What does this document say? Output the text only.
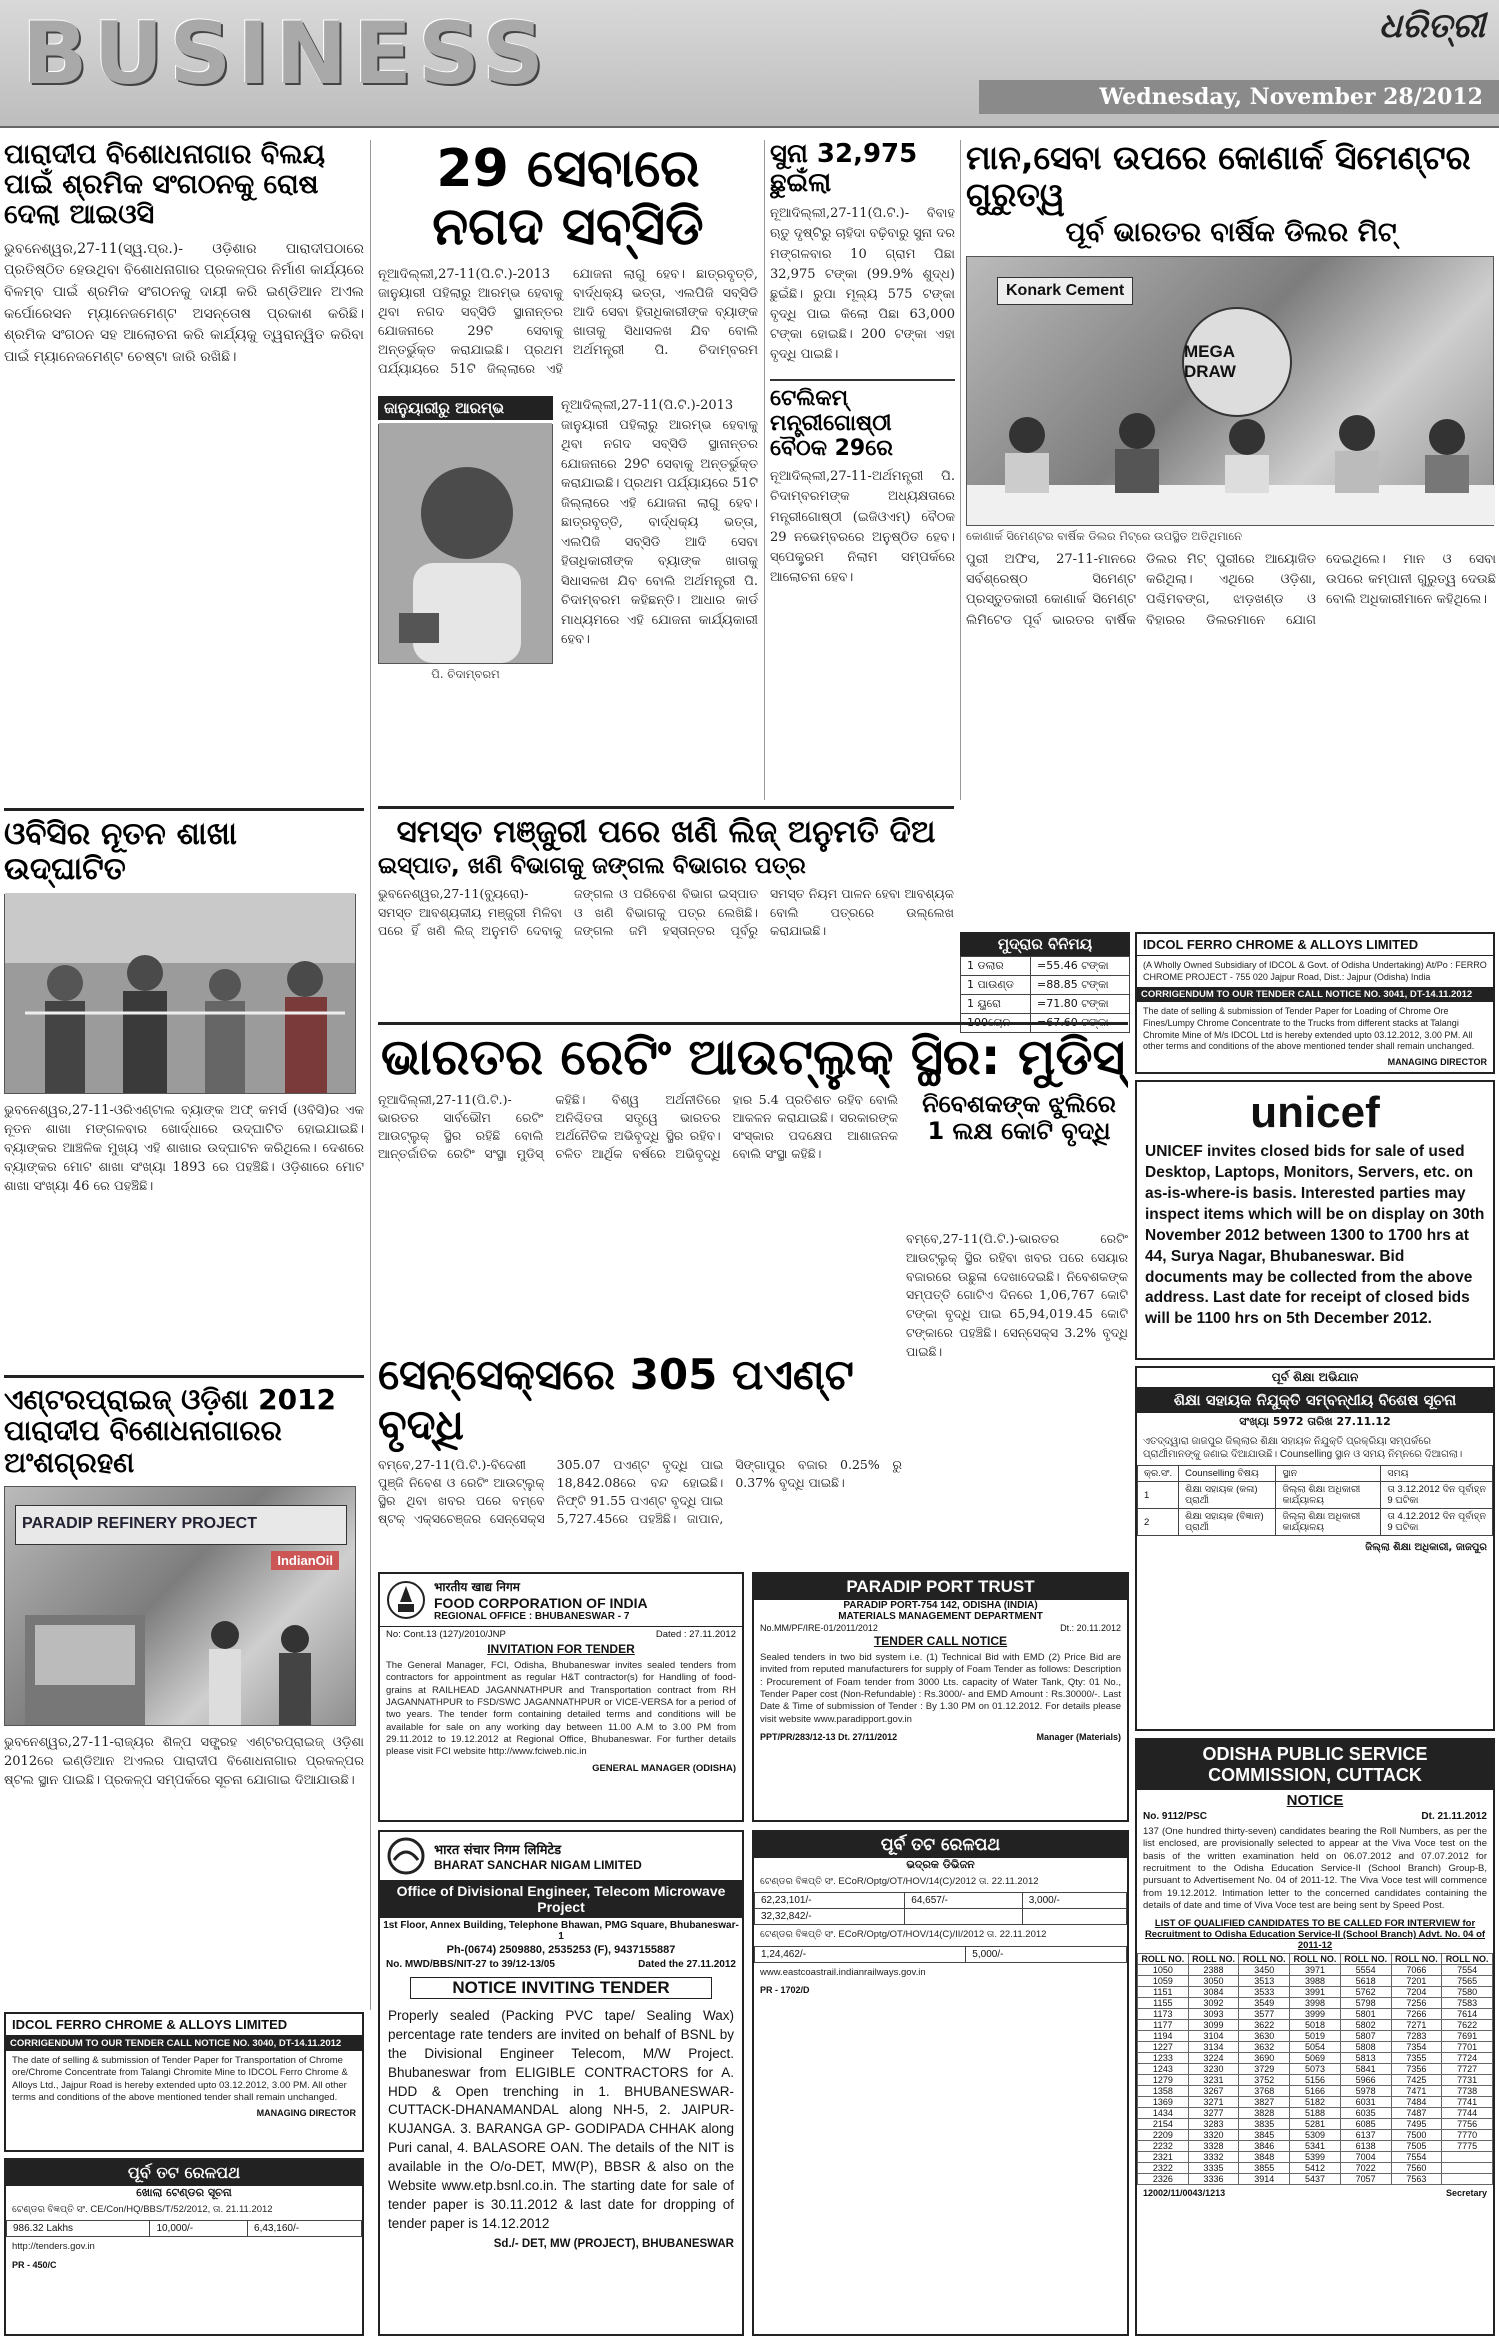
BUSINESS	ଧରିତ୍ରୀ
Wednesday, November 28/2012
ପାରାଦୀପ ବିଶୋଧନାଗାର ବିଲୟ ପାଇଁ ଶ୍ରମିକ ସଂଗଠନକୁ ରୋଷ ଦେଲା ଆଇଓସି
ଭୁବନେଶ୍ୱର,27-11(ସ୍ୱ.ପ୍ର.)- ଓଡ଼ିଶାର ପାରାଦୀପଠାରେ ପ୍ରତିଷ୍ଠିତ ହେଉଥିବା ବିଶୋଧନାଗାର ପ୍ରକଳ୍ପର ନିର୍ମାଣ କାର୍ଯ୍ୟରେ ବିଳମ୍ବ ପାଇଁ ଶ୍ରମିକ ସଂଗଠନକୁ ଦାୟୀ କରି ଇଣ୍ଡିଆନ ଅଏଲ କର୍ପୋରେସନ ମ୍ୟାନେଜମେଣ୍ଟ ଅସନ୍ତୋଷ ପ୍ରକାଶ କରିଛି। ଶ୍ରମିକ ସଂଗଠନ ସହ ଆଲୋଚନା କରି କାର୍ଯ୍ୟକୁ ତ୍ୱରାନ୍ୱିତ କରିବା ପାଇଁ ମ୍ୟାନେଜମେଣ୍ଟ ଚେଷ୍ଟା ଜାରି ରଖିଛି।
ଓବିସିର ନୂତନ ଶାଖା ଉଦ୍‌ଘାଟିତ
ଭୁବନେଶ୍ୱର,27-11-ଓରିଏଣ୍ଟାଲ ବ୍ୟାଙ୍କ ଅଫ୍ କମର୍ସ (ଓବିସି)ର ଏକ ନୂତନ ଶାଖା ମଙ୍ଗଳବାର ଖୋର୍ଦ୍ଧାରେ ଉଦ୍‌ଘାଟିତ ହୋଇଯାଇଛି। ବ୍ୟାଙ୍କର ଆଞ୍ଚଳିକ ମୁଖ୍ୟ ଏହି ଶାଖାର ଉଦ୍‌ଘାଟନ କରିଥିଲେ। ଦେଶରେ ବ୍ୟାଙ୍କର ମୋଟ ଶାଖା ସଂଖ୍ୟା 1893 ରେ ପହଞ୍ଚିଛି। ଓଡ଼ିଶାରେ ମୋଟ ଶାଖା ସଂଖ୍ୟା 46 ରେ ପହଞ୍ଚିଛି।
ଏଣ୍ଟରପ୍ରାଇଜ୍ ଓଡ଼ିଶା 2012 ପାରାଦୀପ ବିଶୋଧନାଗାରର ଅଂଶଗ୍ରହଣ
PARADIP REFINERY PROJECT
IndianOil
ଭୁବନେଶ୍ୱର,27-11-ରାଜ୍ୟର ଶିଳ୍ପ ସଙ୍ଗ୍ରହ ଏଣ୍ଟରପ୍ରାଇଜ୍ ଓଡ଼ିଶା 2012ରେ ଇଣ୍ଡିଆନ ଅଏଲର ପାରାଦୀପ ବିଶୋଧନାଗାର ପ୍ରକଳ୍ପର ଷ୍ଟଲ ସ୍ଥାନ ପାଇଛି। ପ୍ରକଳ୍ପ ସମ୍ପର୍କରେ ସୂଚନା ଯୋଗାଇ ଦିଆଯାଉଛି।
29 ସେବାରେ ନଗଦ ସବ୍‌ସିଡି
ନୂଆଦିଲ୍ଲୀ,27-11(ପି.ଟି.)-2013 ଜାନୁୟାରୀ ପହିଲାରୁ ଆରମ୍ଭ ହେବାକୁ ଥିବା ନଗଦ ସବ୍‌ସିଡି ସ୍ଥାନାନ୍ତର ଯୋଜନାରେ 29ଟି ସେବାକୁ ଅନ୍ତର୍ଭୁକ୍ତ କରାଯାଇଛି। ପ୍ରଥମ ପର୍ଯ୍ୟାୟରେ 51ଟି ଜିଲ୍ଲାରେ ଏହି ଯୋଜନା ଲାଗୁ ହେବ। ଛାତ୍ରବୃତ୍ତି, ବାର୍ଦ୍ଧକ୍ୟ ଭତ୍ତା, ଏଲପିଜି ସବ୍‌ସିଡି ଆଦି ସେବା ହିତାଧିକାରୀଙ୍କ ବ୍ୟାଙ୍କ ଖାତାକୁ ସିଧାସଳଖ ଯିବ ବୋଲି ଅର୍ଥମନ୍ତ୍ରୀ ପି. ଚିଦାମ୍ବରମ
ଜାନୁୟାରୀରୁ ଆରମ୍ଭ
ପି. ଚିଦାମ୍ବରମ
ନୂଆଦିଲ୍ଲୀ,27-11(ପି.ଟି.)-2013 ଜାନୁୟାରୀ ପହିଲାରୁ ଆରମ୍ଭ ହେବାକୁ ଥିବା ନଗଦ ସବ୍‌ସିଡି ସ୍ଥାନାନ୍ତର ଯୋଜନାରେ 29ଟି ସେବାକୁ ଅନ୍ତର୍ଭୁକ୍ତ କରାଯାଇଛି। ପ୍ରଥମ ପର୍ଯ୍ୟାୟରେ 51ଟି ଜିଲ୍ଲାରେ ଏହି ଯୋଜନା ଲାଗୁ ହେବ। ଛାତ୍ରବୃତ୍ତି, ବାର୍ଦ୍ଧକ୍ୟ ଭତ୍ତା, ଏଲପିଜି ସବ୍‌ସିଡି ଆଦି ସେବା ହିତାଧିକାରୀଙ୍କ ବ୍ୟାଙ୍କ ଖାତାକୁ ସିଧାସଳଖ ଯିବ ବୋଲି ଅର୍ଥମନ୍ତ୍ରୀ ପି. ଚିଦାମ୍ବରମ କହିଛନ୍ତି। ଆଧାର କାର୍ଡ ମାଧ୍ୟମରେ ଏହି ଯୋଜନା କାର୍ଯ୍ୟକାରୀ ହେବ।
ସୁନା 32,975 ଛୁଇଁଲା
ନୂଆଦିଲ୍ଲୀ,27-11(ପି.ଟି.)- ବିବାହ ଋତୁ ଦୃଷ୍ଟିରୁ ଚାହିଦା ବଢ଼ିବାରୁ ସୁନା ଦର ମଙ୍ଗଳବାର 10 ଗ୍ରାମ ପିଛା 32,975 ଟଙ୍କା (99.9% ଶୁଦ୍ଧ) ଛୁଇଁଛି। ରୁପା ମୂଲ୍ୟ 575 ଟଙ୍କା ବୃଦ୍ଧି ପାଇ କିଲୋ ପିଛା 63,000 ଟଙ୍କା ହୋଇଛି। 200 ଟଙ୍କା ଏହା ବୃଦ୍ଧି ପାଇଛି।
ଟେଲିକମ୍ ମନ୍ତ୍ରୀଗୋଷ୍ଠୀ ବୈଠକ 29ରେ
ନୂଆଦିଲ୍ଲୀ,27-11-ଅର୍ଥମନ୍ତ୍ରୀ ପି. ଚିଦାମ୍ବରମଙ୍କ ଅଧ୍ୟକ୍ଷତାରେ ମନ୍ତ୍ରୀଗୋଷ୍ଠୀ (ଇଜିଓଏମ୍) ବୈଠକ 29 ନଭେମ୍ବରରେ ଅନୁଷ୍ଠିତ ହେବ। ସ୍ପେକ୍ଟ୍ରମ ନିଲାମ ସମ୍ପର୍କରେ ଆଲୋଚନା ହେବ।
ମାନ,ସେବା ଉପରେ କୋଣାର୍କ ସିମେଣ୍ଟର ଗୁରୁତ୍ୱ
ପୂର୍ବ ଭାରତର ବାର୍ଷିକ ଡିଲର ମିଟ୍
Konark Cement
MEGA DRAW
କୋଣାର୍କ ସିମେଣ୍ଟର ବାର୍ଷିକ ଡିଲର ମିଟ୍‌ରେ ଉପସ୍ଥିତ ଅତିଥିମାନେ
ପୁରୀ ଅଫିସ, 27-11-ମାନରେ ସର୍ବଶ୍ରେଷ୍ଠ ସିମେଣ୍ଟ ପ୍ରସ୍ତୁତକାରୀ କୋଣାର୍କ ସିମେଣ୍ଟ ଲିମିଟେଡ ପୂର୍ବ ଭାରତର ବାର୍ଷିକ ଡିଲର ମିଟ୍ ପୁରୀରେ ଆୟୋଜିତ କରିଥିଲା। ଏଥିରେ ଓଡ଼ିଶା, ପଶ୍ଚିମବଙ୍ଗ, ଝାଡ଼ଖଣ୍ଡ ଓ ବିହାରର ଡିଲରମାନେ ଯୋଗ ଦେଇଥିଲେ। ମାନ ଓ ସେବା ଉପରେ କମ୍ପାନୀ ଗୁରୁତ୍ୱ ଦେଉଛି ବୋଲି ଅଧିକାରୀମାନେ କହିଥିଲେ।
ସମସ୍ତ ମଞ୍ଜୁରୀ ପରେ ଖଣି ଲିଜ୍ ଅନୁମତି ଦିଅ
ଇସ୍ପାତ, ଖଣି ବିଭାଗକୁ ଜଙ୍ଗଲ ବିଭାଗର ପତ୍ର
ଭୁବନେଶ୍ୱର,27-11(ବ୍ୟୁରୋ)- ସମସ୍ତ ଆବଶ୍ୟକୀୟ ମଞ୍ଜୁରୀ ମିଳିବା ପରେ ହିଁ ଖଣି ଲିଜ୍ ଅନୁମତି ଦେବାକୁ ଜଙ୍ଗଲ ଓ ପରିବେଶ ବିଭାଗ ଇସ୍ପାତ ଓ ଖଣି ବିଭାଗକୁ ପତ୍ର ଲେଖିଛି। ଜଙ୍ଗଲ ଜମି ହସ୍ତାନ୍ତର ପୂର୍ବରୁ ସମସ୍ତ ନିୟମ ପାଳନ ହେବା ଆବଶ୍ୟକ ବୋଲି ପତ୍ରରେ ଉଲ୍ଲେଖ କରାଯାଇଛି।
ମୁଦ୍ରାର ବିନିମୟ
1 ଡଲାର	=55.46 ଟଙ୍କା
1 ପାଉଣ୍ଡ	=88.85 ଟଙ୍କା
1 ୟୁରୋ	=71.80 ଟଙ୍କା
100ୟେନ	=67.60 ଟଙ୍କା
IDCOL FERRO CHROME & ALLOYS LIMITED
(A Wholly Owned Subsidiary of IDCOL & Govt. of Odisha Undertaking) At/Po : FERRO CHROME PROJECT - 755 020 Jajpur Road, Dist.: Jajpur (Odisha) India
CORRIGENDUM TO OUR TENDER CALL NOTICE NO. 3041, DT-14.11.2012
The date of selling & submission of Tender Paper for Loading of Chrome Ore Fines/Lumpy Chrome Concentrate to the Trucks from different stacks at Talangi Chromite Mine of M/s IDCOL Ltd is hereby extended upto 03.12.2012, 3.00 PM. All other terms and conditions of the above mentioned tender shall remain unchanged.
MANAGING DIRECTOR
unicef
UNICEF invites closed bids for sale of used Desktop, Laptops, Monitors, Servers, etc. on as-is-where-is basis. Interested parties may inspect items which will be on display on 30th November 2012 between 1300 to 1700 hrs at 44, Surya Nagar, Bhubaneswar. Bid documents may be collected from the above address. Last date for receipt of closed bids will be 1100 hrs on 5th December 2012.
ଭାରତର ରେଟିଂ ଆଉଟ୍‌ଲୁକ୍ ସ୍ଥିର: ମୁଡିସ୍
ନୂଆଦିଲ୍ଲୀ,27-11(ପି.ଟି.)-ଭାରତର ସାର୍ବଭୌମ ରେଟିଂ ଆଉଟ୍‌ଲୁକ୍ ସ୍ଥିର ରହିଛି ବୋଲି ଆନ୍ତର୍ଜାତିକ ରେଟିଂ ସଂସ୍ଥା ମୁଡିସ୍ କହିଛି। ବିଶ୍ୱ ଅର୍ଥନୀତିରେ ଅନିଶ୍ଚିତତା ସତ୍ତ୍ୱେ ଭାରତର ଅର୍ଥନୈତିକ ଅଭିବୃଦ୍ଧି ସ୍ଥିର ରହିବ। ଚଳିତ ଆର୍ଥିକ ବର୍ଷରେ ଅଭିବୃଦ୍ଧି ହାର 5.4 ପ୍ରତିଶତ ରହିବ ବୋଲି ଆକଳନ କରାଯାଇଛି। ସରକାରଙ୍କ ସଂସ୍କାର ପଦକ୍ଷେପ ଆଶାଜନକ ବୋଲି ସଂସ୍ଥା କହିଛି।
ନିବେଶକଙ୍କ ଝୁଲିରେ 1 ଲକ୍ଷ କୋଟି ବୃଦ୍ଧି
ବମ୍ବେ,27-11(ପି.ଟି.)-ଭାରତର ରେଟିଂ ଆଉଟ୍‌ଲୁକ୍ ସ୍ଥିର ରହିବା ଖବର ପରେ ସେୟାର ବଜାରରେ ଉଛୁଳା ଦେଖାଦେଇଛି। ନିବେଶକଙ୍କ ସମ୍ପତ୍ତି ଗୋଟିଏ ଦିନରେ 1,06,767 କୋଟି ଟଙ୍କା ବୃଦ୍ଧି ପାଇ 65,94,019.45 କୋଟି ଟଙ୍କାରେ ପହଞ୍ଚିଛି। ସେନ୍‌ସେକ୍ସ 3.2% ବୃଦ୍ଧି ପାଇଛି।
ସେନ୍‌ସେକ୍ସରେ 305 ପଏଣ୍ଟ ବୃଦ୍ଧି
ବମ୍ବେ,27-11(ପି.ଟି.)-ବିଦେଶୀ ପୁଞ୍ଜି ନିବେଶ ଓ ରେଟିଂ ଆଉଟ୍‌ଲୁକ୍ ସ୍ଥିର ଥିବା ଖବର ପରେ ବମ୍ବେ ଷ୍ଟକ୍ ଏକ୍ସଚେଞ୍ଜର ସେନ୍‌ସେକ୍ସ 305.07 ପଏଣ୍ଟ ବୃଦ୍ଧି ପାଇ 18,842.08ରେ ବନ୍ଦ ହୋଇଛି। ନିଫ୍ଟି 91.55 ପଏଣ୍ଟ ବୃଦ୍ଧି ପାଇ 5,727.45ରେ ପହଞ୍ଚିଛି। ଜାପାନ, ସିଙ୍ଗାପୁର ବଜାର 0.25% ରୁ 0.37% ବୃଦ୍ଧି ପାଇଛି।
ପୂର୍ବ ଶିକ୍ଷା ଅଭିଯାନ
ଶିକ୍ଷା ସହାୟକ ନିଯୁକ୍ତି ସମ୍ବନ୍ଧୀୟ ବିଶେଷ ସୂଚନା
ସଂଖ୍ୟା 5972 ତାରିଖ 27.11.12
ଏତଦ୍‌ଦ୍ୱାରା ଜାଜପୁର ଜିଲ୍ଲାର ଶିକ୍ଷା ସହାୟକ ନିଯୁକ୍ତି ପ୍ରକ୍ରିୟା ସମ୍ପର୍କରେ ପ୍ରାର୍ଥୀମାନଙ୍କୁ ଜଣାଇ ଦିଆଯାଉଛି। Counselling ସ୍ଥାନ ଓ ସମୟ ନିମ୍ନରେ ଦିଆଗଲା।
କ୍ର.ସଂ.	Counselling ବିଷୟ	ସ୍ଥାନ	ସମୟ
1	ଶିକ୍ଷା ସହାୟକ (କଳା) ପ୍ରାର୍ଥୀ	ଜିଲ୍ଲା ଶିକ୍ଷା ଅଧିକାରୀ କାର୍ଯ୍ୟାଳୟ	ତା 3.12.2012 ଦିନ ପୂର୍ବାହ୍ନ 9 ଘଟିକା
2	ଶିକ୍ଷା ସହାୟକ (ବିଜ୍ଞାନ) ପ୍ରାର୍ଥୀ	ଜିଲ୍ଲା ଶିକ୍ଷା ଅଧିକାରୀ କାର୍ଯ୍ୟାଳୟ	ତା 4.12.2012 ଦିନ ପୂର୍ବାହ୍ନ 9 ଘଟିକା
ଜିଲ୍ଲା ଶିକ୍ଷା ଅଧିକାରୀ, ଜାଜପୁର
ODISHA PUBLIC SERVICE COMMISSION, CUTTACK
NOTICE
No. 9112/PSC	Dt. 21.11.2012
137 (One hundred thirty-seven) candidates bearing the Roll Numbers, as per the list enclosed, are provisionally selected to appear at the Viva Voce test on the basis of the written examination held on 06.07.2012 and 07.07.2012 for recruitment to the Odisha Education Service-II (School Branch) Group-B, pursuant to Advertisement No. 04 of 2011-12. The Viva Voce test will commence from 19.12.2012. Intimation letter to the concerned candidates containing the details of date and time of Viva Voce test are being sent by Speed Post.
LIST OF QUALIFIED CANDIDATES TO BE CALLED FOR INTERVIEW for Recruitment to Odisha Education Service-II (School Branch) Advt. No. 04 of 2011-12
ROLL NO.	ROLL NO.	ROLL NO.	ROLL NO.	ROLL NO.	ROLL NO.	ROLL NO.
1050	2388	3450	3971	5554	7066	7554
1059	3050	3513	3988	5618	7201	7565
1151	3084	3533	3991	5762	7204	7580
1155	3092	3549	3998	5798	7256	7583
1173	3093	3577	3999	5801	7266	7614
1177	3099	3622	5018	5802	7271	7622
1194	3104	3630	5019	5807	7283	7691
1227	3134	3632	5054	5808	7354	7701
1233	3224	3690	5069	5813	7355	7724
1243	3230	3729	5073	5841	7356	7727
1279	3231	3752	5156	5966	7425	7731
1358	3267	3768	5166	5978	7471	7738
1369	3271	3827	5182	6031	7484	7741
1434	3277	3828	5188	6035	7487	7744
2154	3283	3835	5281	6085	7495	7756
2209	3320	3845	5309	6137	7500	7770
2232	3328	3846	5341	6138	7505	7775
2321	3332	3848	5399	7004	7554	
2322	3335	3855	5412	7022	7560	
2326	3336	3914	5437	7057	7563	
12002/11/0043/1213	Secretary
IDCOL FERRO CHROME & ALLOYS LIMITED
CORRIGENDUM TO OUR TENDER CALL NOTICE NO. 3040, DT-14.11.2012
The date of selling & submission of Tender Paper for Transportation of Chrome ore/Chrome Concentrate from Talangi Chromite Mine to IDCOL Ferro Chrome & Alloys Ltd., Jajpur Road is hereby extended upto 03.12.2012, 3.00 PM. All other terms and conditions of the above mentioned tender shall remain unchanged.
MANAGING DIRECTOR
ପୂର୍ବ ତଟ ରେଳପଥ
ଖୋଲା ଟେଣ୍ଡର ସୂଚନା
ଟେଣ୍ଡର ବିଜ୍ଞପ୍ତି ସଂ. CE/Con/HQ/BBS/T/52/2012, ତା. 21.11.2012
986.32 Lakhs	10,000/-	6,43,160/-
http://tenders.gov.in
PR - 450/C
भारतीय खाद्य निगम
FOOD CORPORATION OF INDIA
REGIONAL OFFICE : BHUBANESWAR - 7
No: Cont.13 (127)/2010/JNP	Dated : 27.11.2012
INVITATION FOR TENDER
The General Manager, FCI, Odisha, Bhubaneswar invites sealed tenders from contractors for appointment as regular H&T contractor(s) for Handling of food-grains at RAILHEAD JAGANNATHPUR and Transportation contract from RH JAGANNATHPUR to FSD/SWC JAGANNATHPUR or VICE-VERSA for a period of two years. The tender form containing detailed terms and conditions will be available for sale on any working day between 11.00 A.M to 3.00 PM from 29.11.2012 to 19.12.2012 at Regional Office, Bhubaneswar. For further details please visit FCI website http://www.fciweb.nic.in
GENERAL MANAGER (ODISHA)
PARADIP PORT TRUST
PARADIP PORT-754 142, ODISHA (INDIA)
MATERIALS MANAGEMENT DEPARTMENT
No.MM/PF/IRE-01/2011/2012	Dt.: 20.11.2012
TENDER CALL NOTICE
Sealed tenders in two bid system i.e. (1) Technical Bid with EMD (2) Price Bid are invited from reputed manufacturers for supply of Foam Tender as follows: Description : Procurement of Foam tender from 3000 Lts. capacity of Water Tank, Qty: 01 No., Tender Paper cost (Non-Refundable) : Rs.3000/- and EMD Amount : Rs.30000/-. Last Date & Time of submission of Tender : By 1.30 PM on 01.12.2012. For details please visit website www.paradipport.gov.in
PPT/PR/283/12-13 Dt. 27/11/2012	Manager (Materials)
भारत संचार निगम लिमिटेड
BHARAT SANCHAR NIGAM LIMITED
Office of Divisional Engineer, Telecom Microwave Project
1st Floor, Annex Building, Telephone Bhawan, PMG Square, Bhubaneswar-1
Ph-(0674) 2509880, 2535253 (F), 9437155887
No. MWD/BBS/NIT-27 to 39/12-13/05	Dated the 27.11.2012
NOTICE INVITING TENDER
Properly sealed (Packing PVC tape/ Sealing Wax) percentage rate tenders are invited on behalf of BSNL by the Divisional Engineer Telecom, M/W Project. Bhubaneswar from ELIGIBLE CONTRACTORS for A. HDD & Open trenching in 1. BHUBANESWAR-CUTTACK-DHANAMANDAL along NH-5, 2. JAIPUR-KUJANGA. 3. BARANGA GP- GODIPADA CHHAK along Puri canal, 4. BALASORE OAN. The details of the NIT is available in the O/o-DET, MW(P), BBSR & also on the Website www.etp.bsnl.co.in. The starting date for sale of tender paper is 30.11.2012 & last date for dropping of tender paper is 14.12.2012
Sd./- DET, MW (PROJECT), BHUBANESWAR
ପୂର୍ବ ତଟ ରେଳପଥ
ଭଦ୍ରକ ଡିଭିଜନ
ଟେଣ୍ଡର ବିଜ୍ଞପ୍ତି ସଂ. ECoR/Optg/OT/HOV/14(C)/2012 ତା. 22.11.2012
62,23,101/-	64,657/-	3,000/-
32,32,842/-		
ଟେଣ୍ଡର ବିଜ୍ଞପ୍ତି ସଂ. ECoR/Optg/OT/HOV/14(C)/II/2012 ତା. 22.11.2012
1,24,462/-	5,000/-
www.eastcoastrail.indianrailways.gov.in
PR - 1702/D
